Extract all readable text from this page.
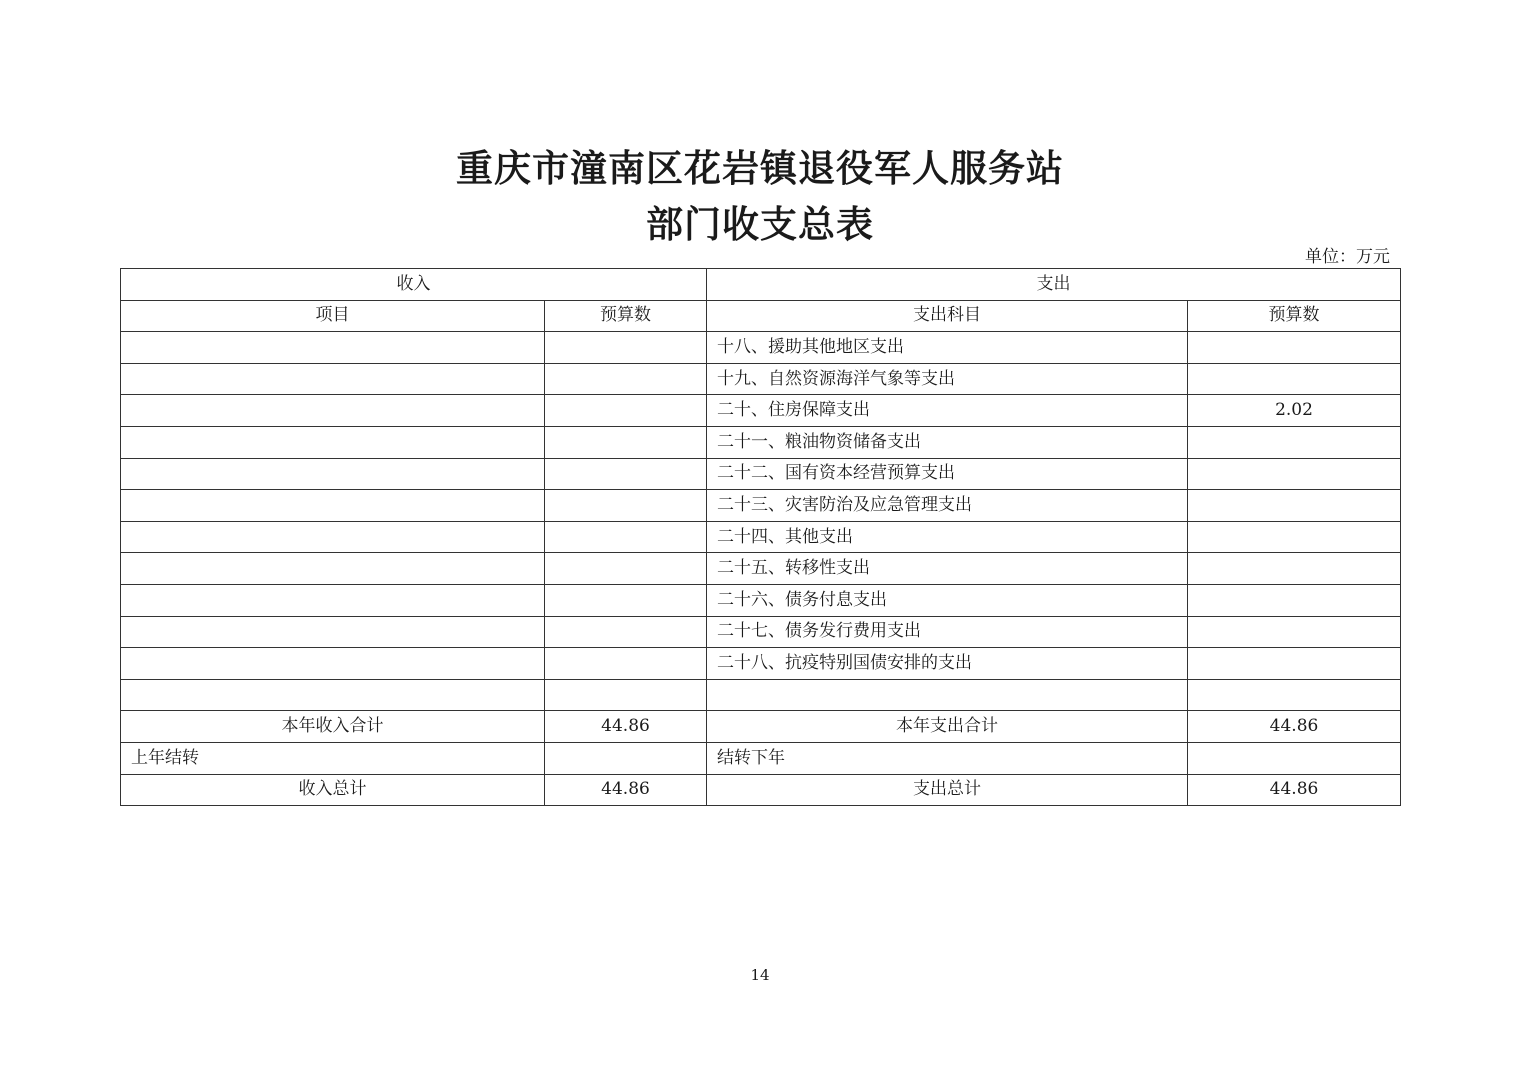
重庆市潼南区花岩镇退役军人服务站
部门收支总表
单位：万元
收入		支出	
项目	预算数	支出科目	预算数
		十八、援助其他地区支出	
		十九、自然资源海洋气象等支出	
		二十、住房保障支出	2.02
		二十一、粮油物资储备支出	
		二十二、国有资本经营预算支出	
		二十三、灾害防治及应急管理支出	
		二十四、其他支出	
		二十五、转移性支出	
		二十六、债务付息支出	
		二十七、债务发行费用支出	
		二十八、抗疫特别国债安排的支出	

本年收入合计	44.86	本年支出合计	44.86
上年结转		结转下年	
收入总计	44.86	支出总计	44.86
14
